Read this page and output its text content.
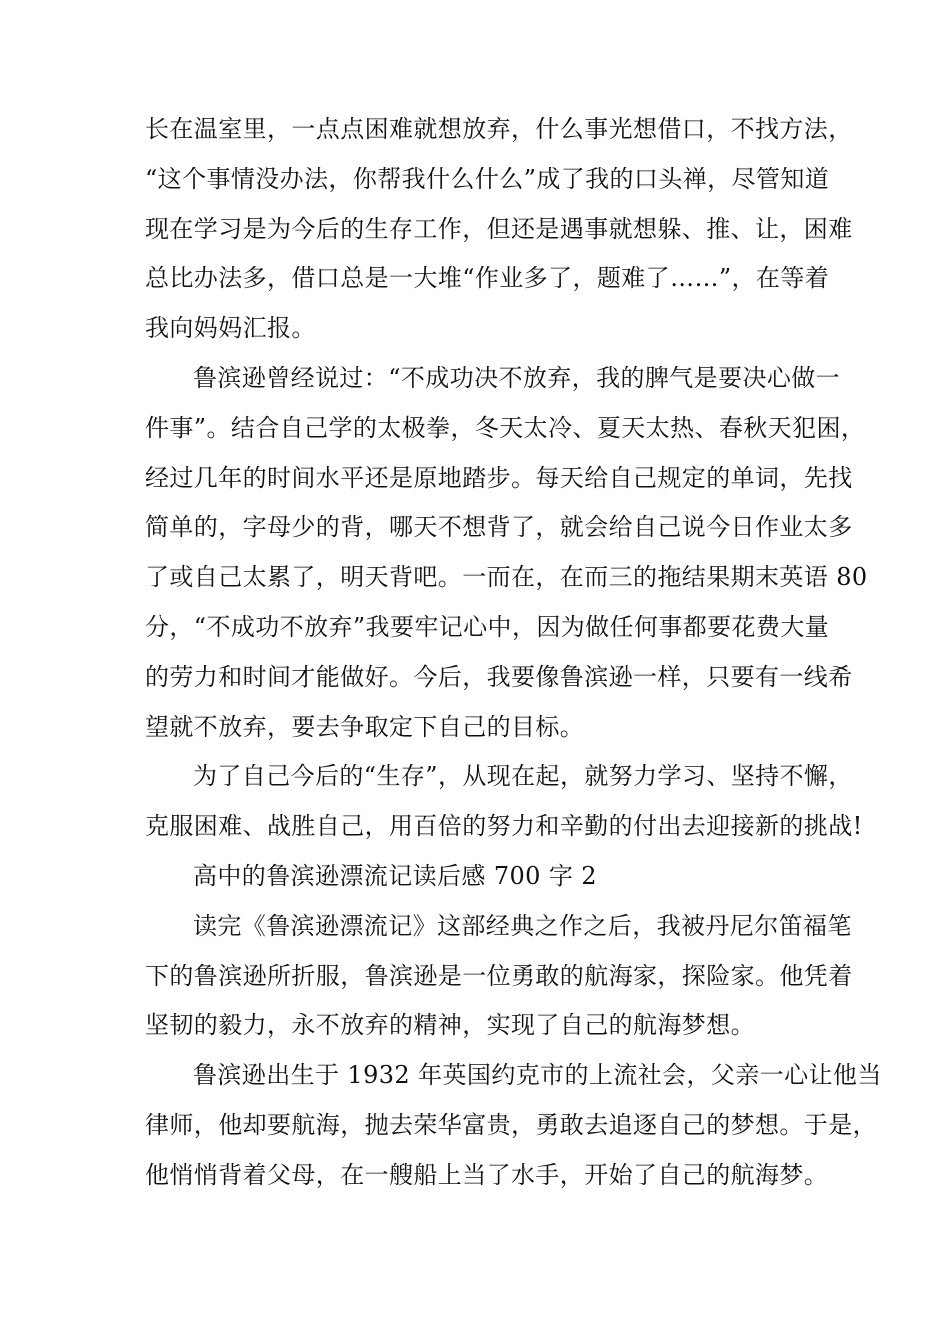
长在温室里，一点点困难就想放弃，什么事光想借口，不找方法，
“这个事情没办法，你帮我什么什么”成了我的口头禅，尽管知道
现在学习是为今后的生存工作，但还是遇事就想躲、推、让，困难
总比办法多，借口总是一大堆“作业多了，题难了……”，在等着
我向妈妈汇报。
鲁滨逊曾经说过：“不成功决不放弃，我的脾气是要决心做一
件事”。结合自己学的太极拳，冬天太冷、夏天太热、春秋天犯困，
经过几年的时间水平还是原地踏步。每天给自己规定的单词，先找
简单的，字母少的背，哪天不想背了，就会给自己说今日作业太多
了或自己太累了，明天背吧。一而在，在而三的拖结果期末英语 80
分，“不成功不放弃”我要牢记心中，因为做任何事都要花费大量
的劳力和时间才能做好。今后，我要像鲁滨逊一样，只要有一线希
望就不放弃，要去争取定下自己的目标。
为了自己今后的“生存”，从现在起，就努力学习、坚持不懈，
克服困难、战胜自己，用百倍的努力和辛勤的付出去迎接新的挑战!
高中的鲁滨逊漂流记读后感 700 字 2
读完《鲁滨逊漂流记》这部经典之作之后，我被丹尼尔笛福笔
下的鲁滨逊所折服，鲁滨逊是一位勇敢的航海家，探险家。他凭着
坚韧的毅力，永不放弃的精神，实现了自己的航海梦想。
鲁滨逊出生于 1932 年英国约克市的上流社会，父亲一心让他当
律师，他却要航海，抛去荣华富贵，勇敢去追逐自己的梦想。于是，
他悄悄背着父母，在一艘船上当了水手，开始了自己的航海梦。
